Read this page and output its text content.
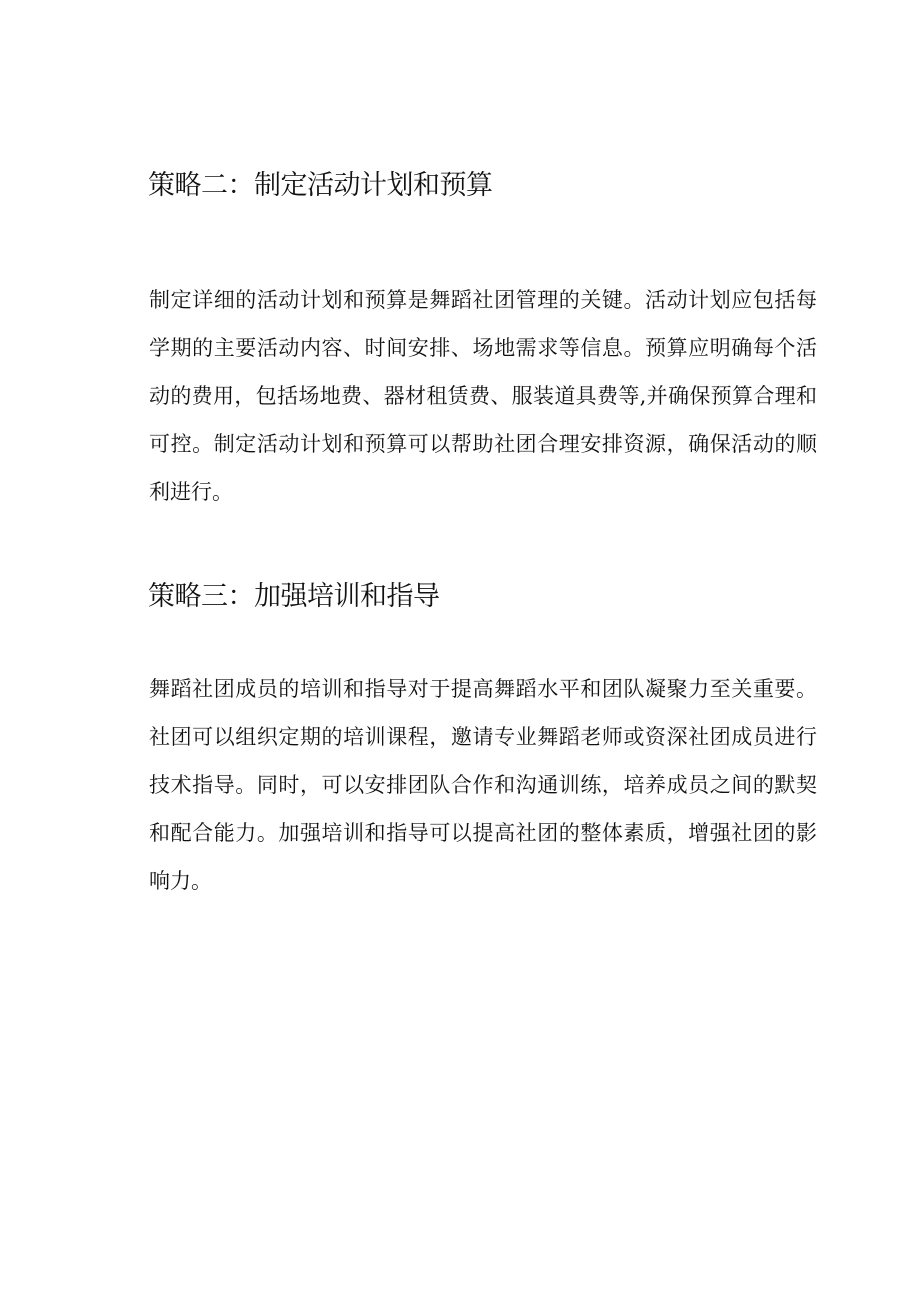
策略二：制定活动计划和预算

制定详细的活动计划和预算是舞蹈社团管理的关键。活动计划应包括每学期的主要活动内容、时间安排、场地需求等信息。预算应明确每个活动的费用，包括场地费、器材租赁费、服装道具费等,并确保预算合理和可控。制定活动计划和预算可以帮助社团合理安排资源，确保活动的顺利进行。

策略三：加强培训和指导

舞蹈社团成员的培训和指导对于提高舞蹈水平和团队凝聚力至关重要。社团可以组织定期的培训课程，邀请专业舞蹈老师或资深社团成员进行技术指导。同时，可以安排团队合作和沟通训练，培养成员之间的默契和配合能力。加强培训和指导可以提高社团的整体素质，增强社团的影响力。
